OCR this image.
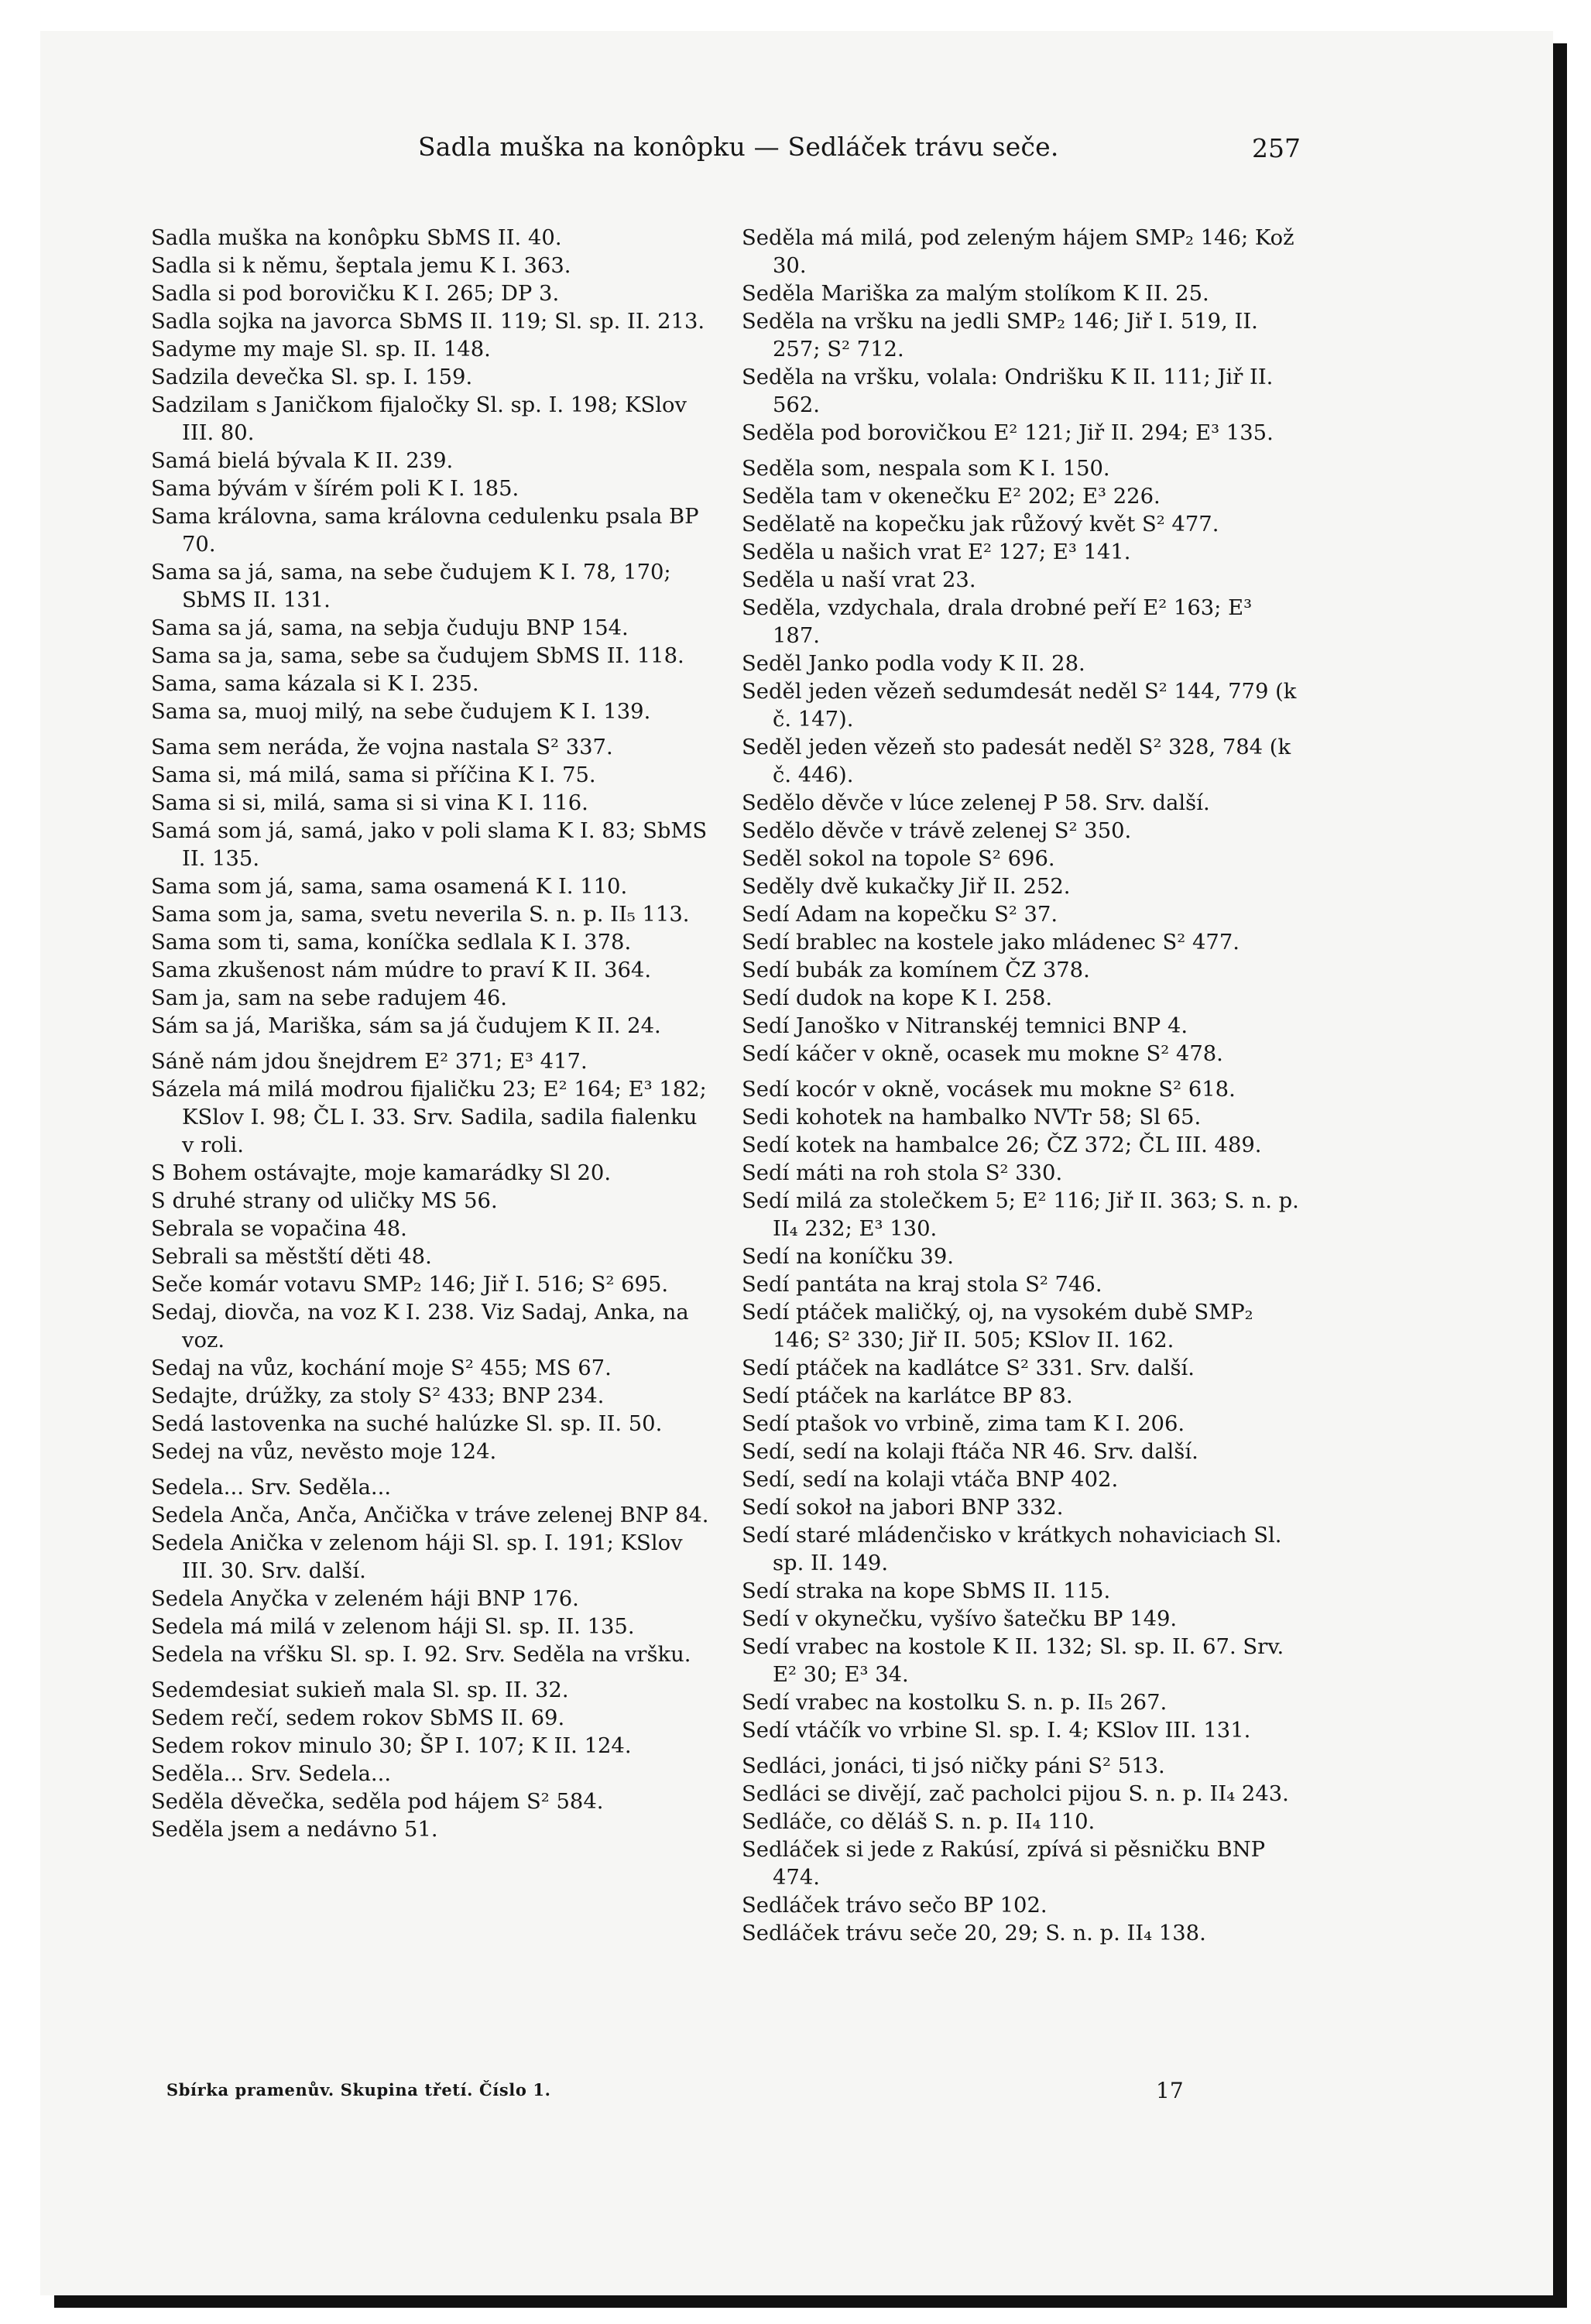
Sadla muška na konôpku — Sedláček trávu seče.	257
Sadla muška na konôpku SbMS II. 40.
Sadla si k němu, šeptala jemu K I. 363.
Sadla si pod borovičku K I. 265; DP 3.
Sadla sojka na javorca SbMS II. 119; Sl. sp. II. 213.
Sadyme my maje Sl. sp. II. 148.
Sadzila devečka Sl. sp. I. 159.
Sadzilam s Janičkom fijaločky Sl. sp. I. 198; KSlov III. 80.
Samá bielá bývala K II. 239.
Sama bývám v šírém poli K I. 185.
Sama královna, sama královna cedulenku psala BP 70.
Sama sa já, sama, na sebe čudujem K I. 78, 170; SbMS II. 131.
Sama sa já, sama, na sebja čuduju BNP 154.
Sama sa ja, sama, sebe sa čudujem SbMS II. 118.
Sama, sama kázala si K I. 235.
Sama sa, muoj milý, na sebe čudujem K I. 139.
Sama sem neráda, že vojna nastala S² 337.
Sama si, má milá, sama si příčina K I. 75.
Sama si si, milá, sama si si vina K I. 116.
Samá som já, samá, jako v poli slama K I. 83; SbMS II. 135.
Sama som já, sama, sama osamená K I. 110.
Sama som ja, sama, svetu neverila S. n. p. II₅ 113.
Sama som ti, sama, koníčka sedlala K I. 378.
Sama zkušenost nám múdre to praví K II. 364.
Sam ja, sam na sebe radujem 46.
Sám sa já, Mariška, sám sa já čudujem K II. 24.
Sáně nám jdou šnejdrem E² 371; E³ 417.
Sázela má milá modrou fijaličku 23; E² 164; E³ 182; KSlov I. 98; ČL I. 33. Srv. Sadila, sadila fialenku v roli.
S Bohem ostávajte, moje kamarádky Sl 20.
S druhé strany od uličky MS 56.
Sebrala se vopačina 48.
Sebrali sa městští děti 48.
Seče komár votavu SMP₂ 146; Jiř I. 516; S² 695.
Sedaj, diovča, na voz K I. 238. Viz Sadaj, Anka, na voz.
Sedaj na vůz, kochání moje S² 455; MS 67.
Sedajte, drúžky, za stoly S² 433; BNP 234.
Sedá lastovenka na suché halúzke Sl. sp. II. 50.
Sedej na vůz, nevěsto moje 124.
Sedela... Srv. Seděla...
Sedela Anča, Anča, Ančička v tráve zelenej BNP 84.
Sedela Anička v zelenom háji Sl. sp. I. 191; KSlov III. 30. Srv. další.
Sedela Anyčka v zeleném háji BNP 176.
Sedela má milá v zelenom háji Sl. sp. II. 135.
Sedela na vŕšku Sl. sp. I. 92. Srv. Seděla na vršku.
Sedemdesiat sukieň mala Sl. sp. II. 32.
Sedem rečí, sedem rokov SbMS II. 69.
Sedem rokov minulo 30; ŠP I. 107; K II. 124.
Seděla... Srv. Sedela...
Seděla děvečka, seděla pod hájem S² 584.
Seděla jsem a nedávno 51.
Seděla má milá, pod zeleným hájem SMP₂ 146; Kož 30.
Seděla Mariška za malým stolíkom K II. 25.
Seděla na vršku na jedli SMP₂ 146; Jiř I. 519, II. 257; S² 712.
Seděla na vršku, volala: Ondrišku K II. 111; Jiř II. 562.
Seděla pod borovičkou E² 121; Jiř II. 294; E³ 135.
Seděla som, nespala som K I. 150.
Seděla tam v okenečku E² 202; E³ 226.
Sedělatě na kopečku jak růžový květ S² 477.
Seděla u našich vrat E² 127; E³ 141.
Seděla u naší vrat 23.
Seděla, vzdychala, drala drobné peří E² 163; E³ 187.
Seděl Janko podla vody K II. 28.
Seděl jeden vězeň sedumdesát neděl S² 144, 779 (k č. 147).
Seděl jeden vězeň sto padesát neděl S² 328, 784 (k č. 446).
Sedělo děvče v lúce zelenej P 58. Srv. další.
Sedělo děvče v trávě zelenej S² 350.
Seděl sokol na topole S² 696.
Seděly dvě kukačky Jiř II. 252.
Sedí Adam na kopečku S² 37.
Sedí brablec na kostele jako mládenec S² 477.
Sedí bubák za komínem ČZ 378.
Sedí dudok na kope K I. 258.
Sedí Janoško v Nitranskéj temnici BNP 4.
Sedí káčer v okně, ocasek mu mokne S² 478.
Sedí kocór v okně, vocásek mu mokne S² 618.
Sedi kohotek na hambalko NVTr 58; Sl 65.
Sedí kotek na hambalce 26; ČZ 372; ČL III. 489.
Sedí máti na roh stola S² 330.
Sedí milá za stolečkem 5; E² 116; Jiř II. 363; S. n. p. II₄ 232; E³ 130.
Sedí na koníčku 39.
Sedí pantáta na kraj stola S² 746.
Sedí ptáček maličký, oj, na vysokém dubě SMP₂ 146; S² 330; Jiř II. 505; KSlov II. 162.
Sedí ptáček na kadlátce S² 331. Srv. další.
Sedí ptáček na karlátce BP 83.
Sedí ptašok vo vrbině, zima tam K I. 206.
Sedí, sedí na kolaji ftáča NR 46. Srv. další.
Sedí, sedí na kolaji vtáča BNP 402.
Sedí sokoł na jabori BNP 332.
Sedí staré mládenčisko v krátkych nohaviciach Sl. sp. II. 149.
Sedí straka na kope SbMS II. 115.
Sedí v okynečku, vyšívo šatečku BP 149.
Sedí vrabec na kostole K II. 132; Sl. sp. II. 67. Srv. E² 30; E³ 34.
Sedí vrabec na kostolku S. n. p. II₅ 267.
Sedí vtáčík vo vrbine Sl. sp. I. 4; KSlov III. 131.
Sedláci, jonáci, ti jsó ničky páni S² 513.
Sedláci se divějí, zač pacholci pijou S. n. p. II₄ 243.
Sedláče, co děláš S. n. p. II₄ 110.
Sedláček si jede z Rakúsí, zpívá si pěsničku BNP 474.
Sedláček trávo sečo BP 102.
Sedláček trávu seče 20, 29; S. n. p. II₄ 138.
Sbírka pramenův. Skupina třetí. Číslo 1.	17
